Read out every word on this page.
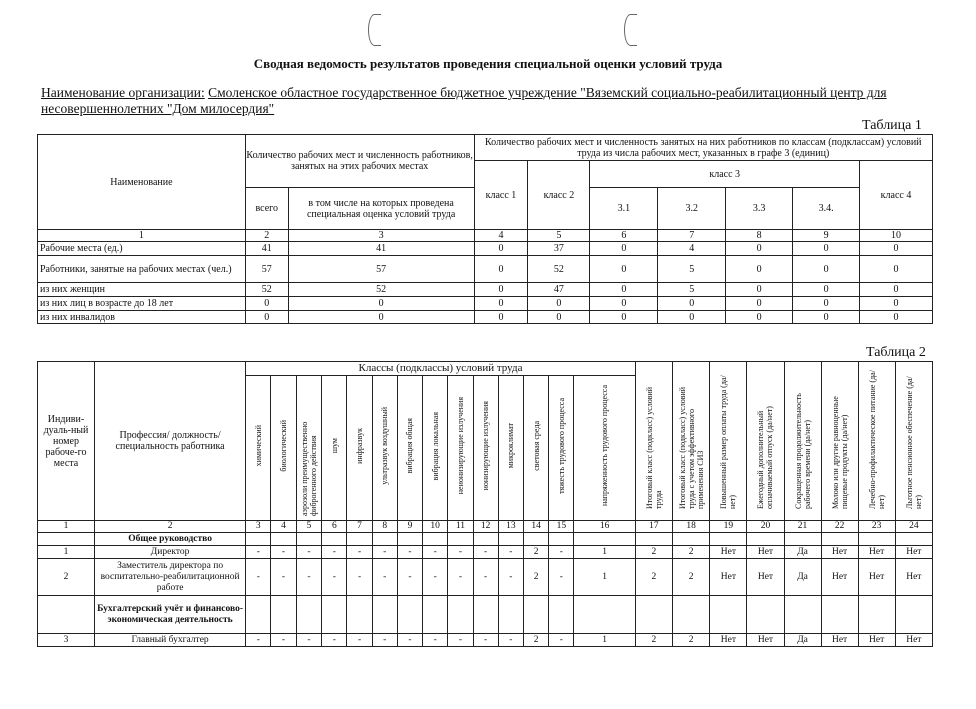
Сводная ведомость результатов проведения специальной оценки условий труда
Наименование организации: Смоленское областное государственное бюджетное учреждение "Вяземский социально-реабилитационный центр для несовершеннолетних "Дом милосердия"
Таблица 1
Наименование	Количество рабочих мест и численность работников, занятых на этих рабочих местах		Количество рабочих мест и численность занятых на них работников по классам (подклассам) условий труда из числа рабочих мест, указанных в графе 3 (единиц)						
			класс 1	класс 2	класс 3				класс 4
	всего	в том числе на которых проведена специальная оценка условий труда			3.1	3.2	3.3	3.4.	
1	2	3	4	5	6	7	8	9	10
Рабочие места (ед.)	41	41	0	37	0	4	0	0	0
Работники, занятые на рабочих местах (чел.)	57	57	0	52	0	5	0	0	0
из них женщин	52	52	0	47	0	5	0	0	0
из них лиц в возрасте до 18 лет	0	0	0	0	0	0	0	0	0
из них инвалидов	0	0	0	0	0	0	0	0	0
Таблица 2
Индиви-дуаль-ный номер рабоче-го места	Профессия/ должность/ специальность работника	Классы (подклассы) условий труда														Итоговый класс (подкласс) условий труда	Итоговый класс (подкласс) условий труда с учетом эффективного применения СИЗ	Повышенный размер оплаты труда (да/нет)	Ежегодный дополнительный оплачиваемый отпуск (да/нет)	Сокращенная продолжительность рабочего времени (да/нет)	Молоко или другие равноценные пищевые продукты (да/нет)	Лечебно-профилактическое питание (да/нет)	Льготное пенсионное обеспечение (да/нет)
		химический	биологический	аэрозоли преимущественно фиброгенного действия	шум	инфразвук	ультразвук воздушный	вибрация общая	вибрация локальная	неионизирующие излучения	ионизирующие излучения	микроклимат	световая среда	тяжесть трудового процесса	напряженность трудового процесса								
1	2	3	4	5	6	7	8	9	10	11	12	13	14	15	16	17	18	19	20	21	22	23	24
	Общее руководство																						
1	Директор	-	-	-	-	-	-	-	-	-	-	-	2	-	1	2	2	Нет	Нет	Да	Нет	Нет	Нет
2	Заместитель директора по воспитательно-реабилитационной работе	-	-	-	-	-	-	-	-	-	-	-	2	-	1	2	2	Нет	Нет	Да	Нет	Нет	Нет
	Бухгалтерский учёт и финансово-экономическая деятельность																						
3	Главный бухгалтер	-	-	-	-	-	-	-	-	-	-	-	2	-	1	2	2	Нет	Нет	Да	Нет	Нет	Нет
